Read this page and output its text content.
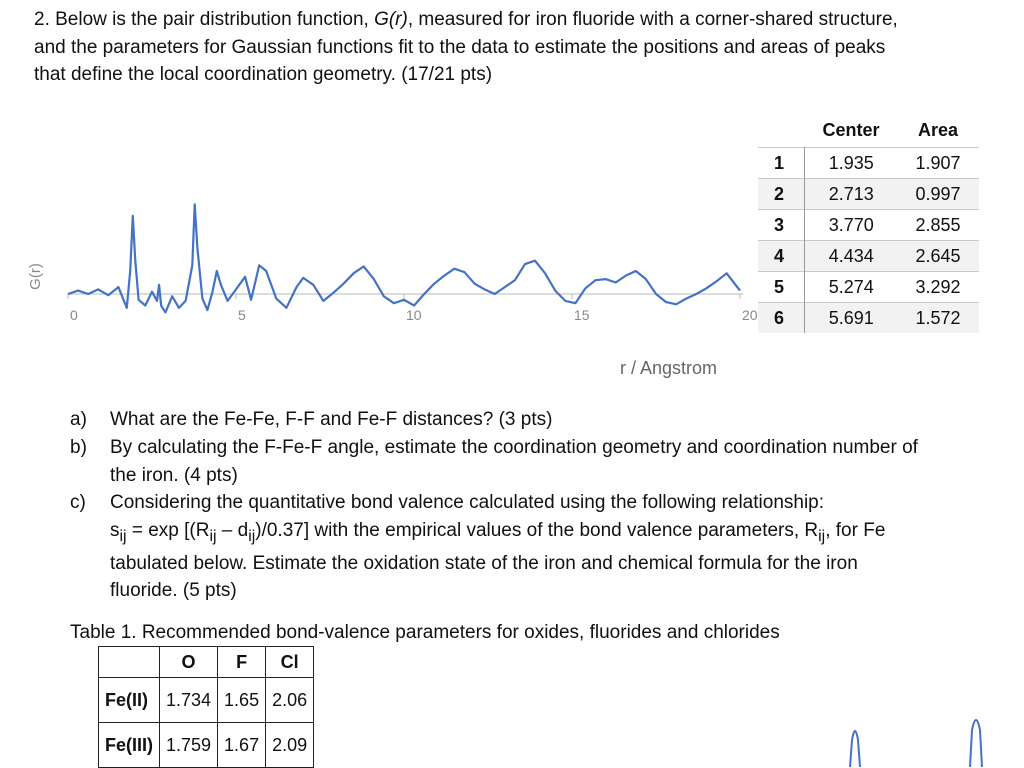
2. Below is the pair distribution function, G(r), measured for iron fluoride with a corner-shared structure,
and the parameters for Gaussian functions fit to the data to estimate the positions and areas of peaks
that define the local coordination geometry. (17/21 pts)
0	5	10	15	20
G(r)
r / Angstrom
	Center	Area
1	1.935	1.907
2	2.713	0.997
3	3.770	2.855
4	4.434	2.645
5	5.274	3.292
6	5.691	1.572
a) What are the Fe-Fe, F-F and Fe-F distances? (3 pts)
b) By calculating the F-Fe-F angle, estimate the coordination geometry and coordination number of
the iron. (4 pts)
c) Considering the quantitative bond valence calculated using the following relationship:
$s_{ij} = \exp [(R_{ij} - d_{ij})/0.37]$ with the empirical values of the bond valence parameters, $R_{ij}$, for Fe
tabulated below. Estimate the oxidation state of the iron and chemical formula for the iron
fluoride. (5 pts)
Table 1. Recommended bond-valence parameters for oxides, fluorides and chlorides
	O	F	Cl
Fe(II)	1.734	1.65	2.06
Fe(III)	1.759	1.67	2.09
